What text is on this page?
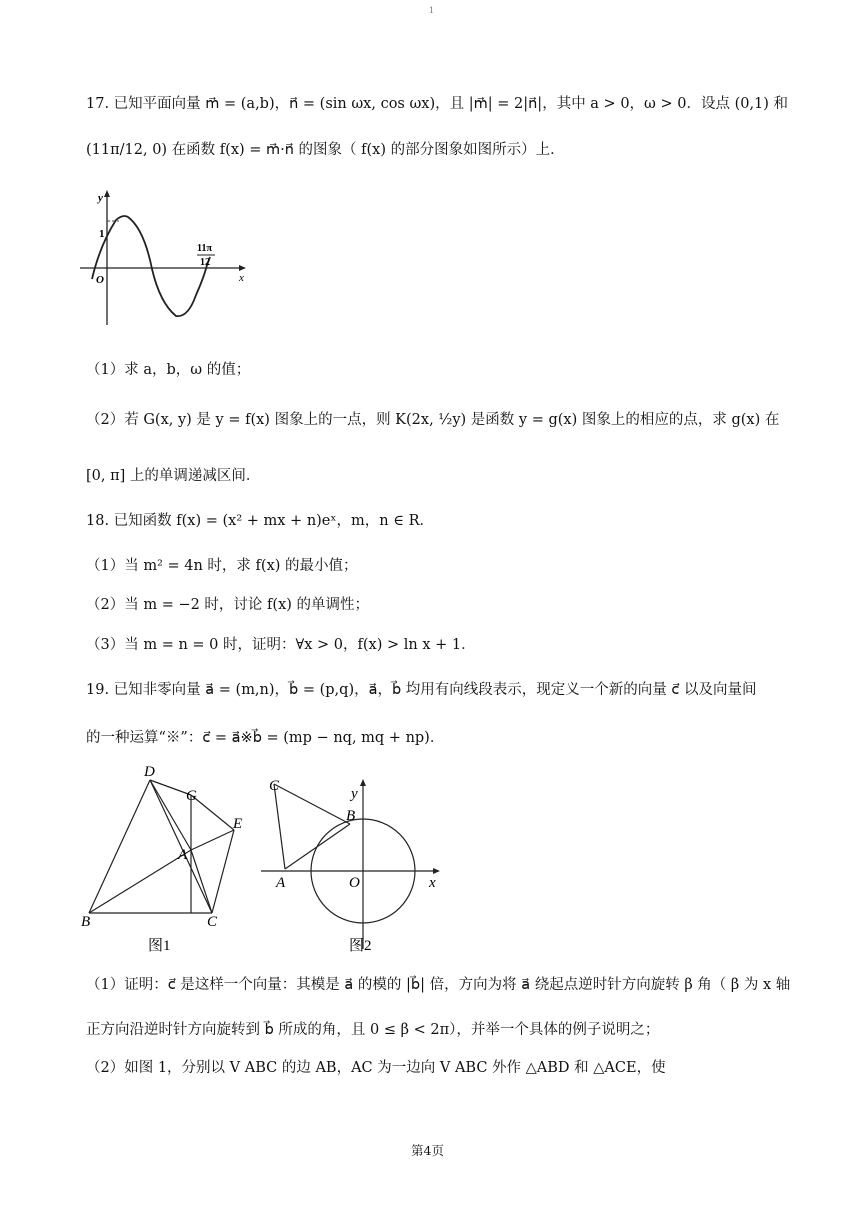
1
17. 已知平面向量 m⃗ = (a,b)，n⃗ = (sin ωx, cos ωx)，且 |m⃗| = 2|n⃗|，其中 a > 0，ω > 0．设点 (0,1) 和
(11π/12, 0) 在函数 f(x) = m⃗·n⃗ 的图象（ f(x) 的部分图象如图所示）上．
y
x
O
1
11π
12
（1）求 a，b，ω 的值；
（2）若 G(x, y) 是 y = f(x) 图象上的一点，则 K(2x, ½y) 是函数 y = g(x) 图象上的相应的点，求 g(x) 在
[0, π] 上的单调递减区间．
18. 已知函数 f(x) = (x² + mx + n)eˣ，m，n ∈ R．
（1）当 m² = 4n 时，求 f(x) 的最小值；
（2）当 m = −2 时，讨论 f(x) 的单调性；
（3）当 m = n = 0 时，证明：∀x > 0，f(x) > ln x + 1．
19. 已知非零向量 a⃗ = (m,n)，b⃗ = (p,q)，a⃗，b⃗ 均用有向线段表示，现定义一个新的向量 c⃗ 以及向量间
的一种运算“※”：c⃗ = a⃗※b⃗ = (mp − nq, mq + np)．
D
G
E
A
B	C
图1
C
B
A	O	x
y
图2
（1）证明：c⃗ 是这样一个向量：其模是 a⃗ 的模的 |b⃗| 倍，方向为将 a⃗ 绕起点逆时针方向旋转 β 角（ β 为 x 轴
正方向沿逆时针方向旋转到 b⃗ 所成的角，且 0 ≤ β < 2π），并举一个具体的例子说明之；
（2）如图 1，分别以 V ABC 的边 AB，AC 为一边向 V ABC 外作 △ABD 和 △ACE，使
第4页
